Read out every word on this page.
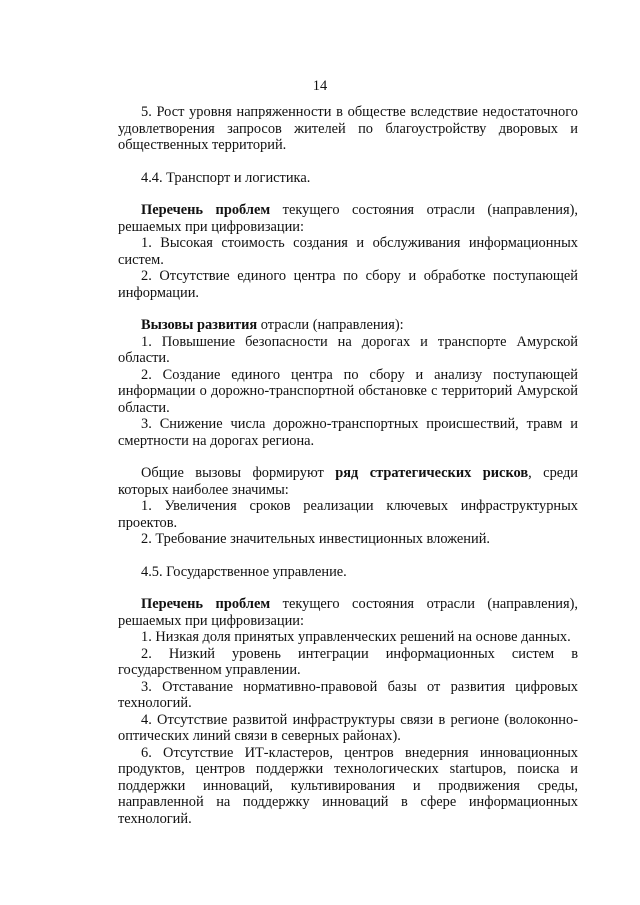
14

5. Рост уровня напряженности в обществе вследствие недостаточного удовлетворения запросов жителей по благоустройству дворовых и общественных территорий.

4.4. Транспорт и логистика.

Перечень проблем текущего состояния отрасли (направления), решаемых при цифровизации:

1. Высокая стоимость создания и обслуживания информационных систем.

2. Отсутствие единого центра по сбору и обработке поступающей информации.

Вызовы развития отрасли (направления):

1. Повышение безопасности на дорогах и транспорте Амурской области.

2. Создание единого центра по сбору и анализу поступающей информации о дорожно-транспортной обстановке с территорий Амурской области.

3. Снижение числа дорожно-транспортных происшествий, травм и смертности на дорогах региона.

Общие вызовы формируют ряд стратегических рисков, среди которых наиболее значимы:

1. Увеличения сроков реализации ключевых инфраструктурных проектов.

2. Требование значительных инвестиционных вложений.

4.5. Государственное управление.

Перечень проблем текущего состояния отрасли (направления), решаемых при цифровизации:

1. Низкая доля принятых управленческих решений на основе данных.

2. Низкий уровень интеграции информационных систем в государственном управлении.

3. Отставание нормативно-правовой базы от развития цифровых технологий.

4. Отсутствие развитой инфраструктуры связи в регионе (волоконно-оптических линий связи в северных районах).

6. Отсутствие ИТ-кластеров, центров внедерния инновационных продуктов, центров поддержки технологических startupов, поиска и поддержки инноваций, культивирования и продвижения среды, направленной на поддержку инноваций в сфере информационных технологий.
